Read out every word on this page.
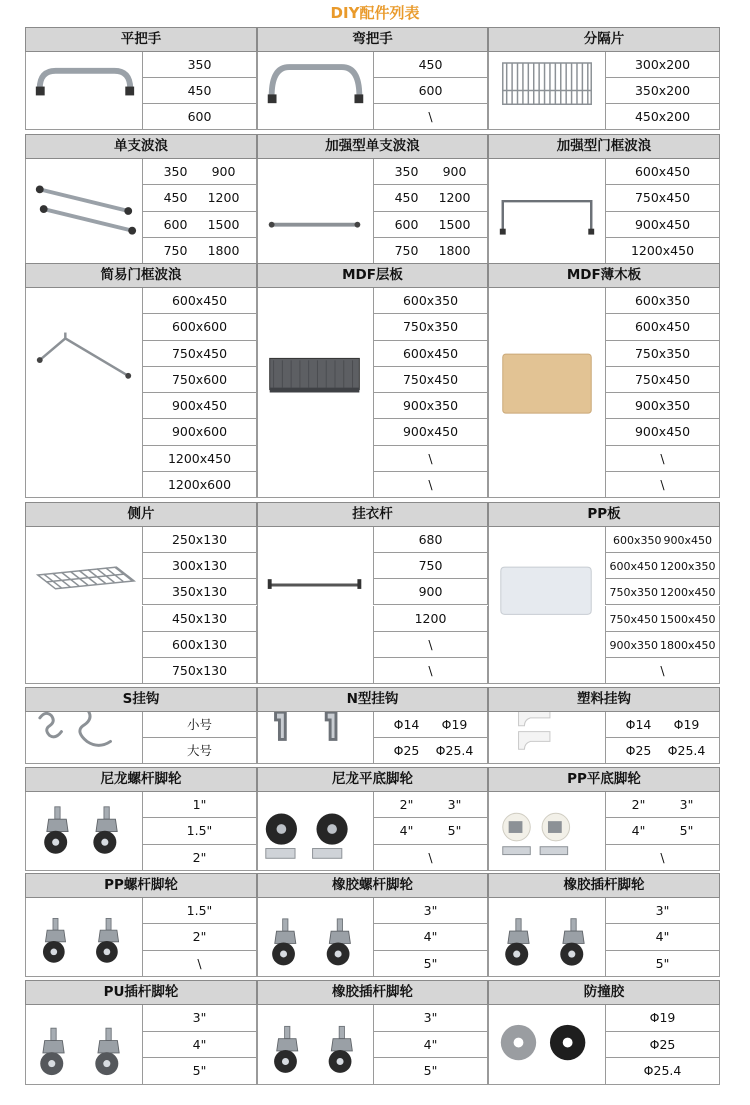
DIY配件列表
平把手
350
450
600
弯把手
450
600
\
分隔片
300x200
350x200
450x200
单支波浪
350 900
450 1200
600 1500
750 1800
加强型单支波浪
350 900
450 1200
600 1500
750 1800
加强型门框波浪
600x450
750x450
900x450
1200x450
简易门框波浪
600x450
600x600
750x450
750x600
900x450
900x600
1200x450
1200x600
MDF层板
600x350
750x350
600x450
750x450
900x350
900x450
\
\
MDF薄木板
600x350
600x450
750x350
750x450
900x350
900x450
\
\
侧片
250x130
300x130
350x130
450x130
600x130
750x130
挂衣杆
680
750
900
1200
\
\
PP板
600x350 900x450
600x450 1200x350
750x350 1200x450
750x450 1500x450
900x350 1800x450
\
S挂钩
小号
大号
N型挂钩
Φ14 Φ19
Φ25 Φ25.4
塑料挂钩
Φ14 Φ19
Φ25 Φ25.4
尼龙螺杆脚轮
1"
1.5"
2"
尼龙平底脚轮
2"	3"
4"	5"
\
PP平底脚轮
2"	3"
4"	5"
\
PP螺杆脚轮
1.5"
2"
\
橡胶螺杆脚轮
3"
4"
5"
橡胶插杆脚轮
3"
4"
5"
PU插杆脚轮
3"
4"
5"
橡胶插杆脚轮
3"
4"
5"
防撞胶
Φ19
Φ25
Φ25.4
